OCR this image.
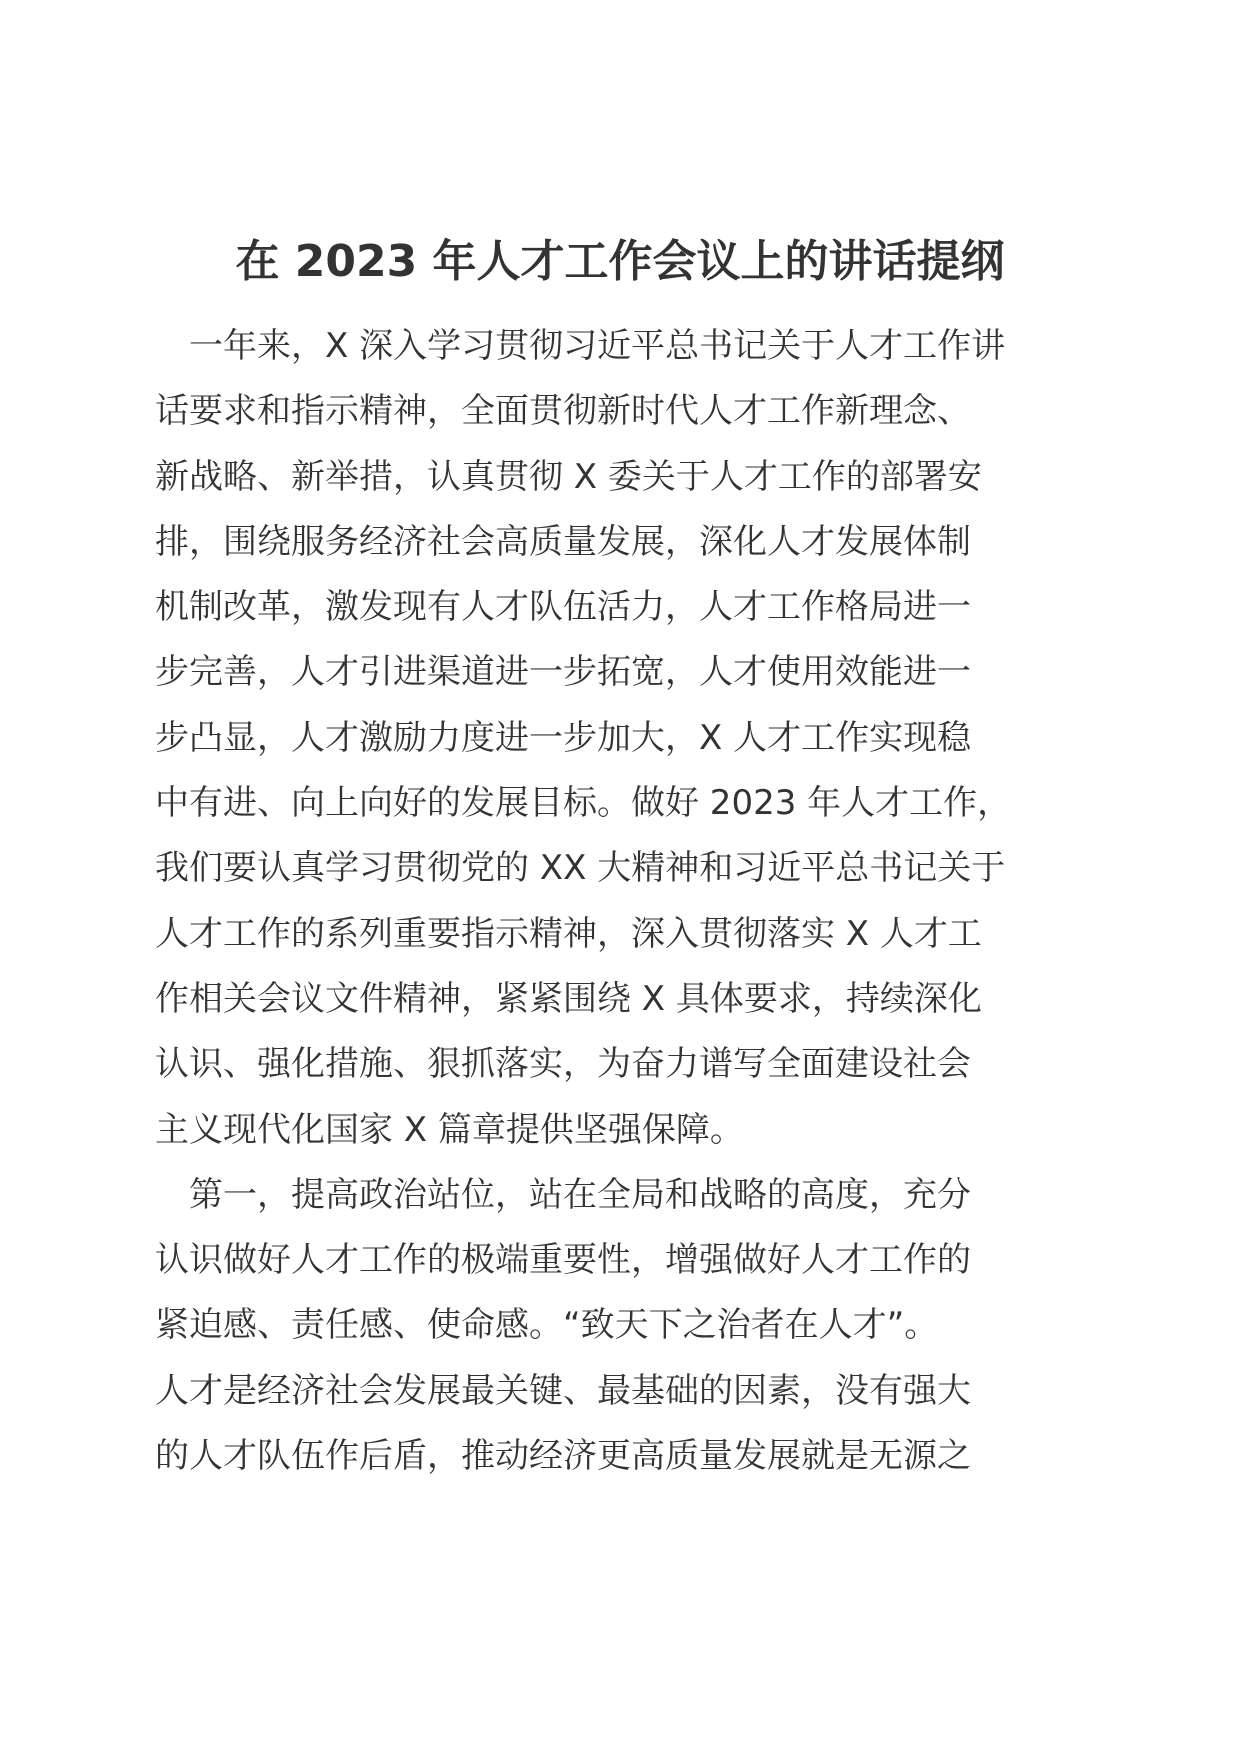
在 2023 年人才工作会议上的讲话提纲
一年来，X 深入学习贯彻习近平总书记关于人才工作讲
话要求和指示精神，全面贯彻新时代人才工作新理念、
新战略、新举措，认真贯彻 X 委关于人才工作的部署安
排，围绕服务经济社会高质量发展，深化人才发展体制
机制改革，激发现有人才队伍活力，人才工作格局进一
步完善，人才引进渠道进一步拓宽，人才使用效能进一
步凸显，人才激励力度进一步加大，X 人才工作实现稳
中有进、向上向好的发展目标。做好 2023 年人才工作，
我们要认真学习贯彻党的 XX 大精神和习近平总书记关于
人才工作的系列重要指示精神，深入贯彻落实 X 人才工
作相关会议文件精神，紧紧围绕 X 具体要求，持续深化
认识、强化措施、狠抓落实，为奋力谱写全面建设社会
主义现代化国家 X 篇章提供坚强保障。
第一，提高政治站位，站在全局和战略的高度，充分
认识做好人才工作的极端重要性，增强做好人才工作的
紧迫感、责任感、使命感。“致天下之治者在人才”。
人才是经济社会发展最关键、最基础的因素，没有强大
的人才队伍作后盾，推动经济更高质量发展就是无源之
